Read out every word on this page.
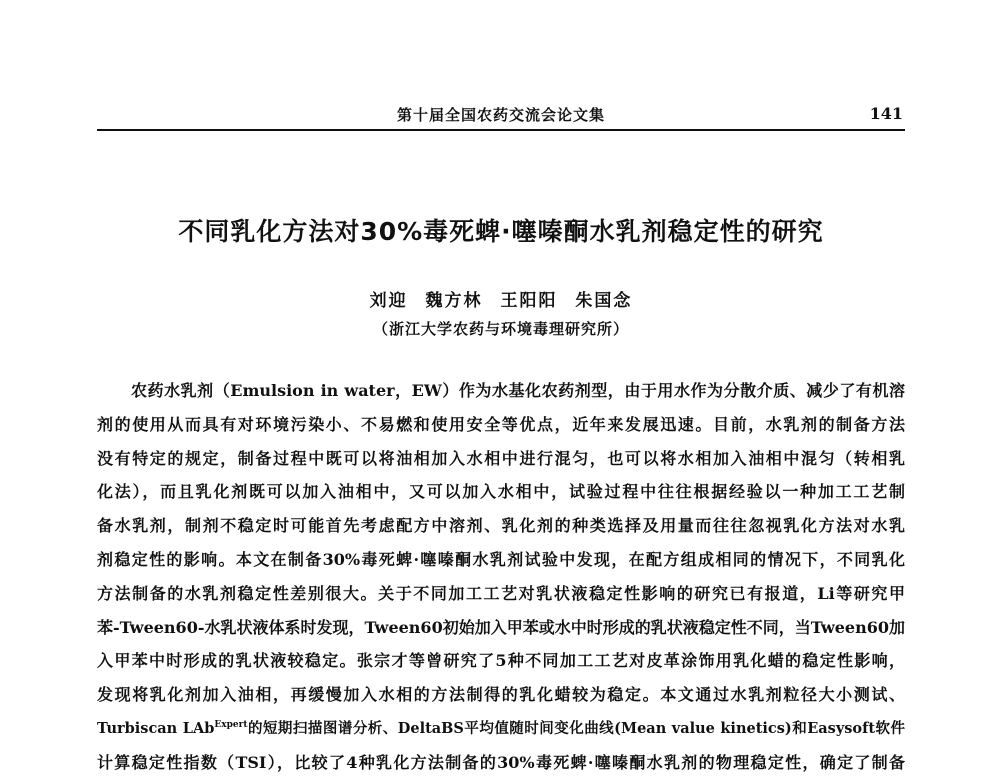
第十届全国农药交流会论文集	141
不同乳化方法对30%毒死蜱·噻嗪酮水乳剂稳定性的研究
刘迎 魏方林 王阳阳 朱国念
（浙江大学农药与环境毒理研究所）
农药水乳剂（Emulsion in water，EW）作为水基化农药剂型，由于用水作为分散介质、减少了有机溶
剂的使用从而具有对环境污染小、不易燃和使用安全等优点，近年来发展迅速。目前，水乳剂的制备方法
没有特定的规定，制备过程中既可以将油相加入水相中进行混匀，也可以将水相加入油相中混匀（转相乳
化法），而且乳化剂既可以加入油相中，又可以加入水相中，试验过程中往往根据经验以一种加工工艺制
备水乳剂，制剂不稳定时可能首先考虑配方中溶剂、乳化剂的种类选择及用量而往往忽视乳化方法对水乳
剂稳定性的影响。本文在制备30%毒死蜱·噻嗪酮水乳剂试验中发现，在配方组成相同的情况下，不同乳化
方法制备的水乳剂稳定性差别很大。关于不同加工工艺对乳状液稳定性影响的研究已有报道，Li等研究甲
苯-Tween60-水乳状液体系时发现，Tween60初始加入甲苯或水中时形成的乳状液稳定性不同，当Tween60加
入甲苯中时形成的乳状液较稳定。张宗才等曾研究了5种不同加工工艺对皮革涂饰用乳化蜡的稳定性影响，
发现将乳化剂加入油相，再缓慢加入水相的方法制得的乳化蜡较为稳定。本文通过水乳剂粒径大小测试、
Turbiscan LAb$^{Expert}$的短期扫描图谱分析、DeltaBS平均值随时间变化曲线(Mean value kinetics)和Easysoft软件
计算稳定性指数（TSI），比较了4种乳化方法制备的30%毒死蜱·噻嗪酮水乳剂的物理稳定性，确定了制备
